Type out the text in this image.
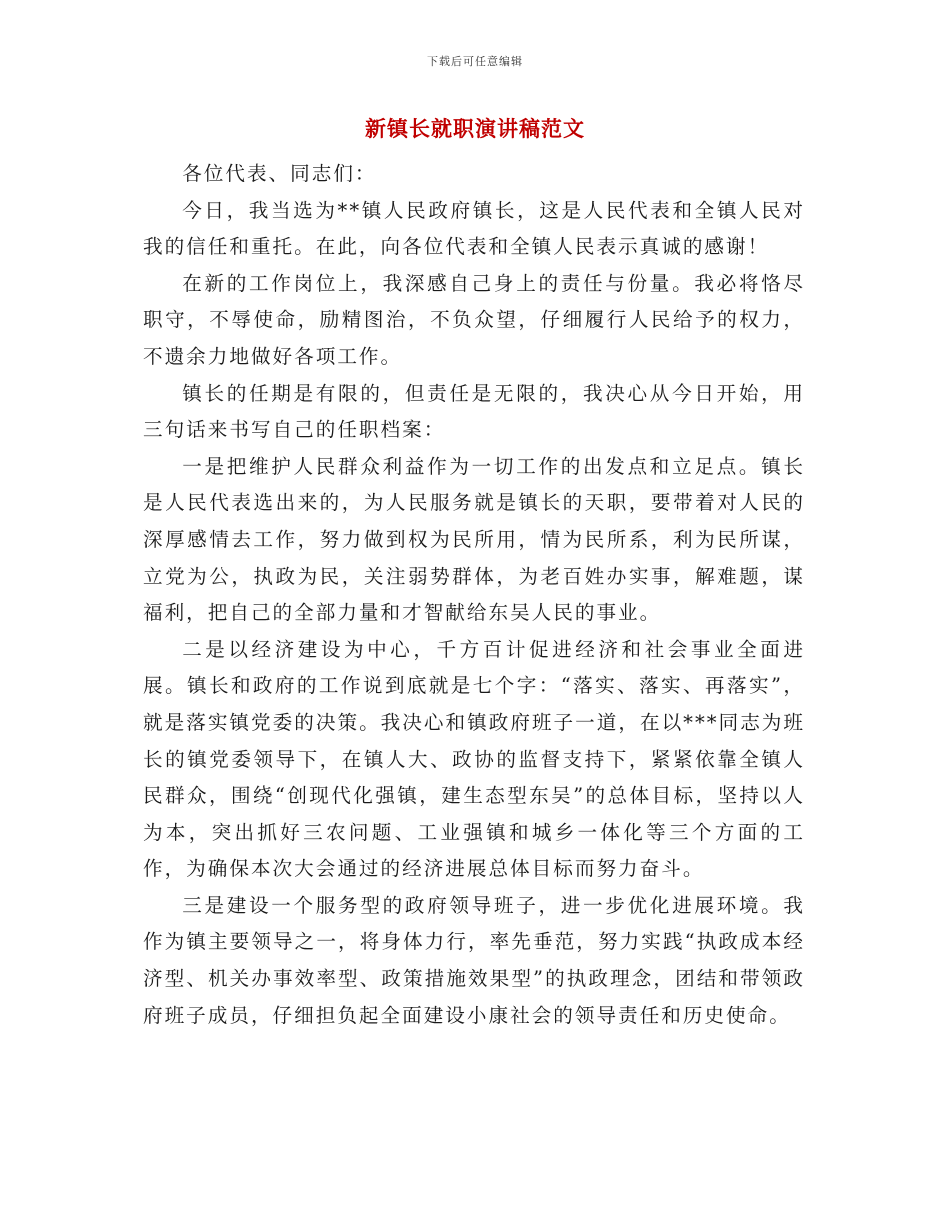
下载后可任意编辑
新镇长就职演讲稿范文

各位代表、同志们：

今日，我当选为**镇人民政府镇长，这是人民代表和全镇人民对我的信任和重托。在此，向各位代表和全镇人民表示真诚的感谢！

在新的工作岗位上，我深感自己身上的责任与份量。我必将恪尽职守，不辱使命，励精图治，不负众望，仔细履行人民给予的权力，不遗余力地做好各项工作。

镇长的任期是有限的，但责任是无限的，我决心从今日开始，用三句话来书写自己的任职档案：

一是把维护人民群众利益作为一切工作的出发点和立足点。镇长是人民代表选出来的，为人民服务就是镇长的天职，要带着对人民的深厚感情去工作，努力做到权为民所用，情为民所系，利为民所谋，立党为公，执政为民，关注弱势群体，为老百姓办实事，解难题，谋福利，把自己的全部力量和才智献给东吴人民的事业。

二是以经济建设为中心，千方百计促进经济和社会事业全面进展。镇长和政府的工作说到底就是七个字：“落实、落实、再落实”，就是落实镇党委的决策。我决心和镇政府班子一道，在以***同志为班长的镇党委领导下，在镇人大、政协的监督支持下，紧紧依靠全镇人民群众，围绕“创现代化强镇，建生态型东吴”的总体目标，坚持以人为本，突出抓好三农问题、工业强镇和城乡一体化等三个方面的工作，为确保本次大会通过的经济进展总体目标而努力奋斗。

三是建设一个服务型的政府领导班子，进一步优化进展环境。我作为镇主要领导之一，将身体力行，率先垂范，努力实践“执政成本经济型、机关办事效率型、政策措施效果型”的执政理念，团结和带领政府班子成员，仔细担负起全面建设小康社会的领导责任和历史使命。
